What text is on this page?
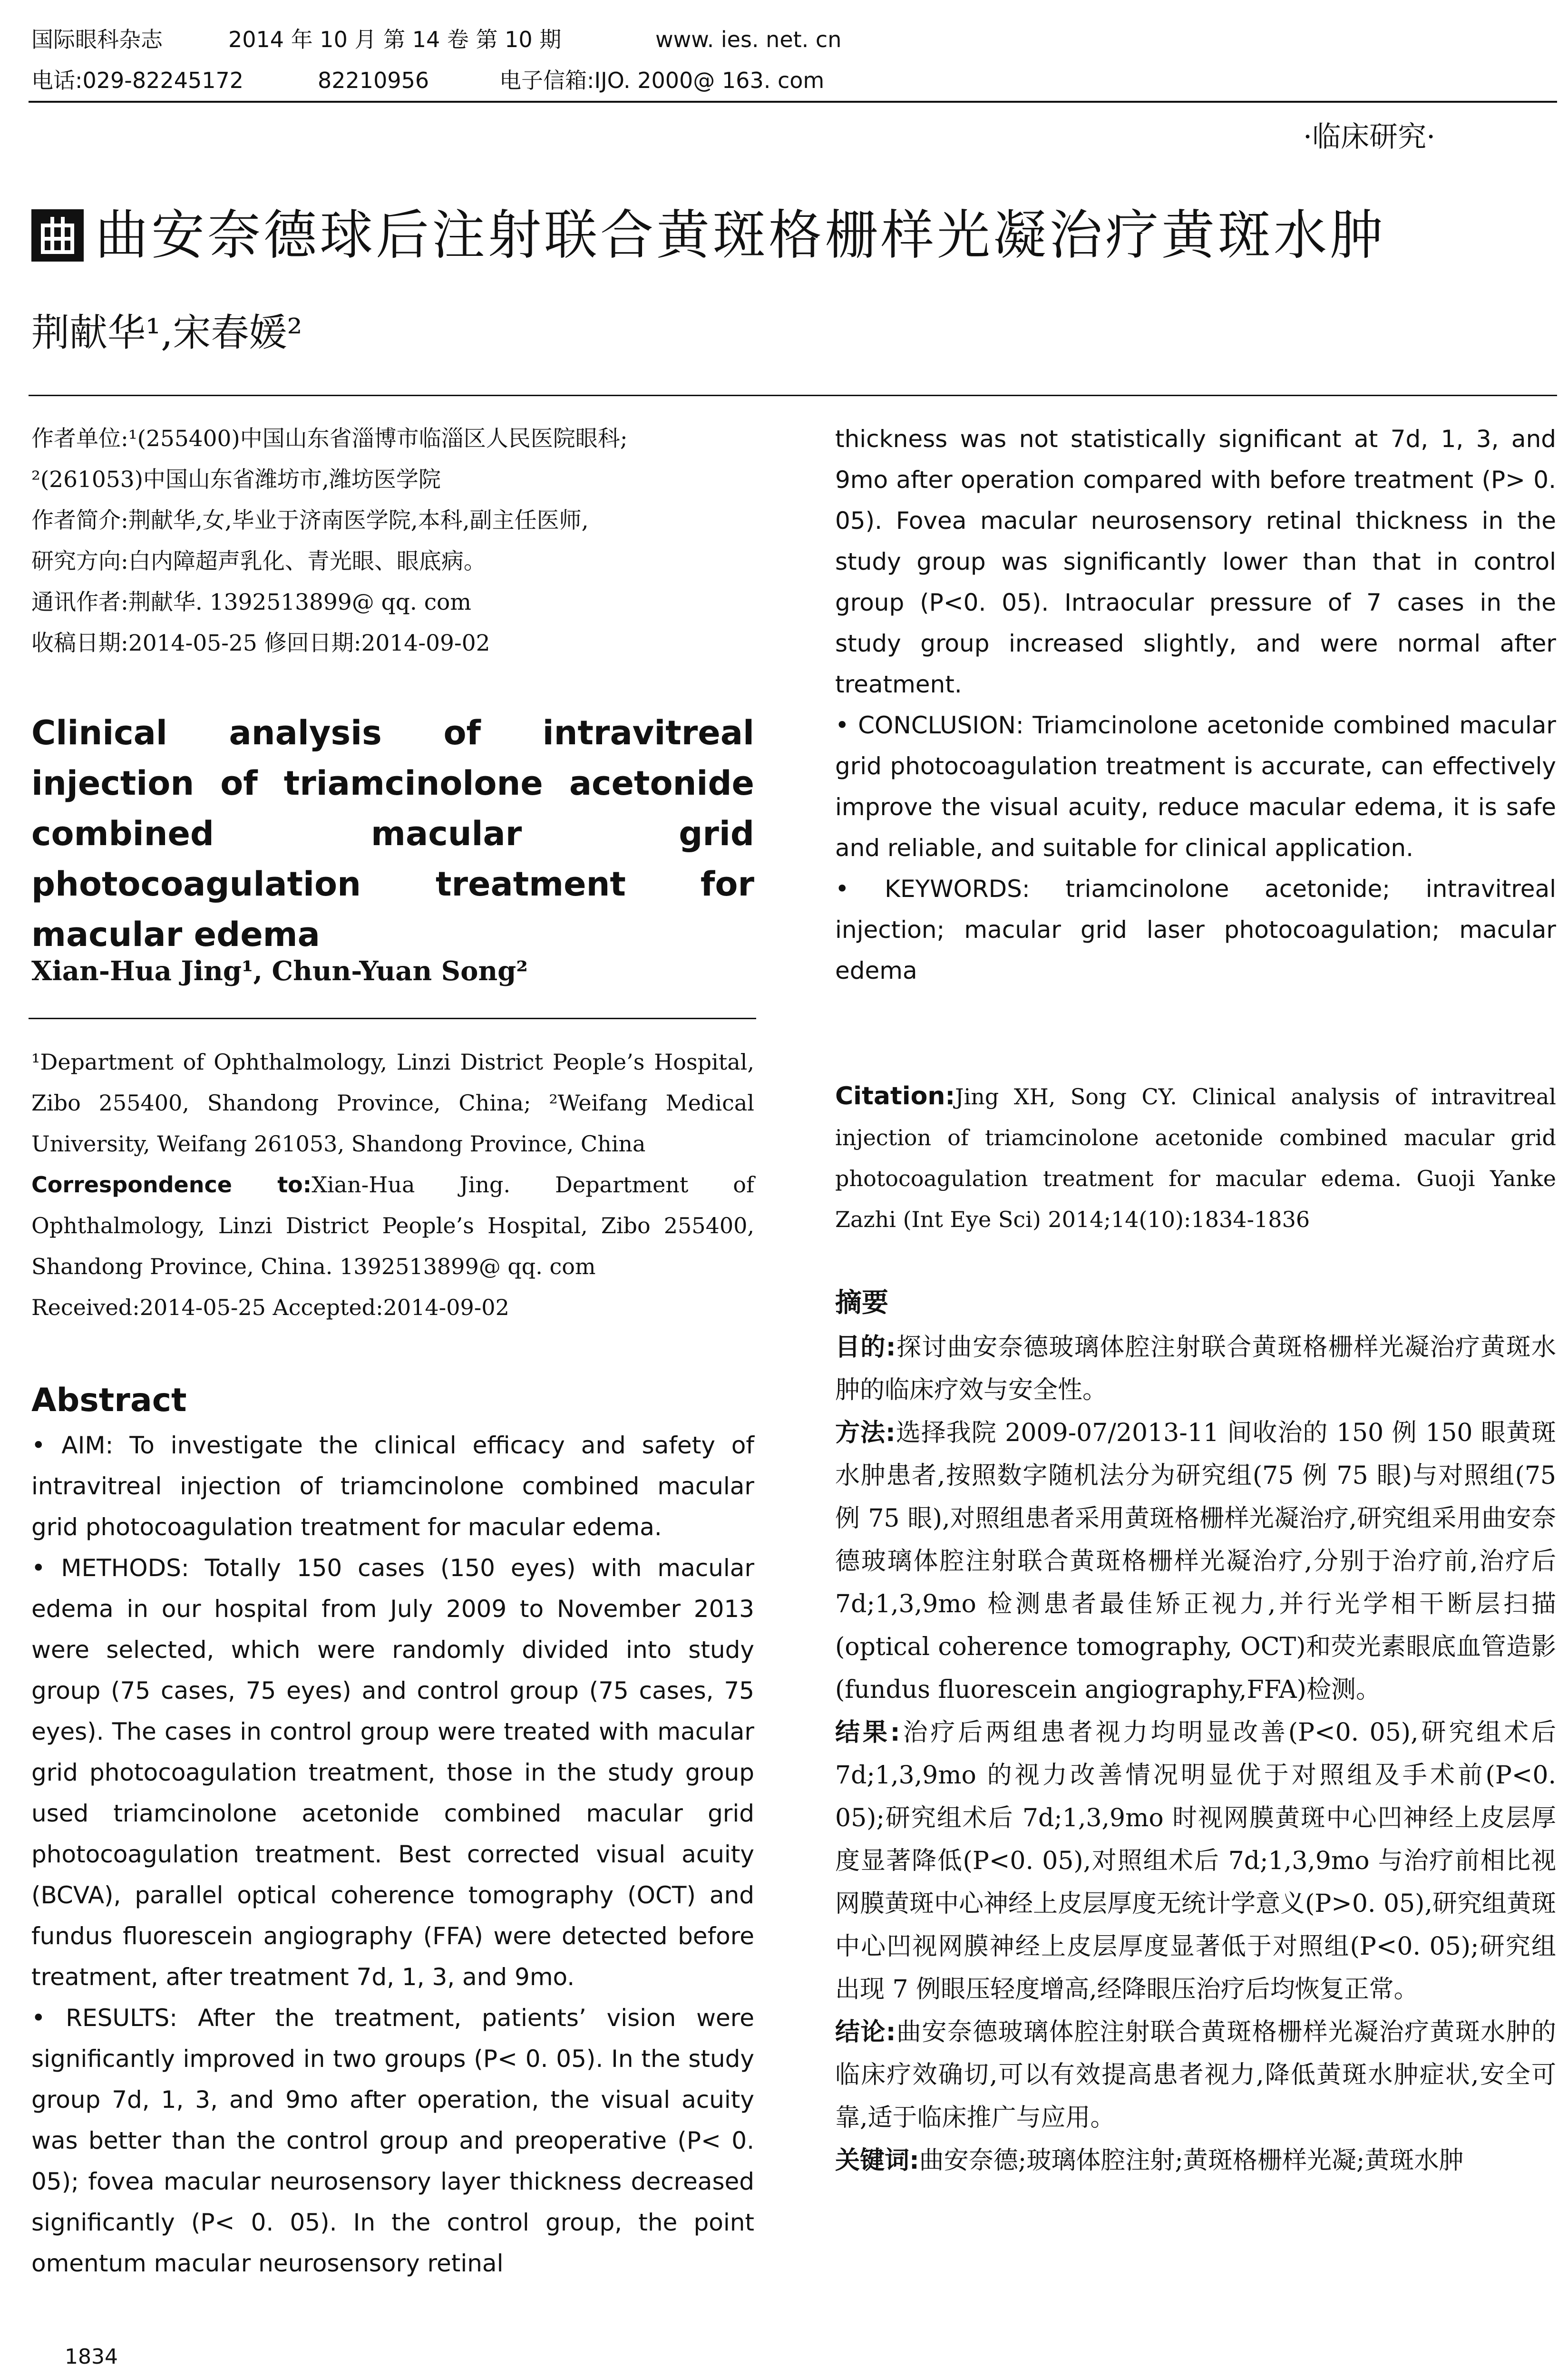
国际眼科杂志	2014 年 10 月 第 14 卷 第 10 期	www. ies. net. cn
电话:029-82245172	82210956	电子信箱:IJO. 2000@ 163. com
·临床研究·
曲安奈德球后注射联合黄斑格栅样光凝治疗黄斑水肿
荆献华¹,宋春媛²
作者单位:¹(255400)中国山东省淄博市临淄区人民医院眼科;
²(261053)中国山东省潍坊市,潍坊医学院
作者简介:荆献华,女,毕业于济南医学院,本科,副主任医师,
研究方向:白内障超声乳化、青光眼、眼底病。
通讯作者:荆献华. 1392513899@ qq. com
收稿日期:2014-05-25 修回日期:2014-09-02
Clinical analysis of intravitreal injection of triamcinolone acetonide combined macular grid photocoagulation treatment for macular edema
Xian-Hua Jing¹, Chun-Yuan Song²
¹Department of Ophthalmology, Linzi District People’s Hospital, Zibo 255400, Shandong Province, China; ²Weifang Medical University, Weifang 261053, Shandong Province, China
Correspondence to:Xian-Hua Jing. Department of Ophthalmology, Linzi District People’s Hospital, Zibo 255400, Shandong Province, China. 1392513899@ qq. com
Received:2014-05-25 Accepted:2014-09-02
Abstract

• AIM: To investigate the clinical efficacy and safety of intravitreal injection of triamcinolone combined macular grid photocoagulation treatment for macular edema.

• METHODS: Totally 150 cases (150 eyes) with macular edema in our hospital from July 2009 to November 2013 were selected, which were randomly divided into study group (75 cases, 75 eyes) and control group (75 cases, 75 eyes). The cases in control group were treated with macular grid photocoagulation treatment, those in the study group used triamcinolone acetonide combined macular grid photocoagulation treatment. Best corrected visual acuity (BCVA), parallel optical coherence tomography (OCT) and fundus fluorescein angiography (FFA) were detected before treatment, after treatment 7d, 1, 3, and 9mo.

• RESULTS: After the treatment, patients’ vision were significantly improved in two groups (P< 0. 05). In the study group 7d, 1, 3, and 9mo after operation, the visual acuity was better than the control group and preoperative (P< 0. 05); fovea macular neurosensory layer thickness decreased significantly (P< 0. 05). In the control group, the point omentum macular neurosensory retinal

1834

thickness was not statistically significant at 7d, 1, 3, and 9mo after operation compared with before treatment (P> 0. 05). Fovea macular neurosensory retinal thickness in the study group was significantly lower than that in control group (P<0. 05). Intraocular pressure of 7 cases in the study group increased slightly, and were normal after treatment.

• CONCLUSION: Triamcinolone acetonide combined macular grid photocoagulation treatment is accurate, can effectively improve the visual acuity, reduce macular edema, it is safe and reliable, and suitable for clinical application.

• KEYWORDS: triamcinolone acetonide; intravitreal injection; macular grid laser photocoagulation; macular edema

Citation:Jing XH, Song CY. Clinical analysis of intravitreal injection of triamcinolone acetonide combined macular grid photocoagulation treatment for macular edema. Guoji Yanke Zazhi (Int Eye Sci) 2014;14(10):1834-1836
摘要

目的:探讨曲安奈德玻璃体腔注射联合黄斑格栅样光凝治疗黄斑水肿的临床疗效与安全性。

方法:选择我院 2009-07/2013-11 间收治的 150 例 150 眼黄斑水肿患者,按照数字随机法分为研究组(75 例 75 眼)与对照组(75 例 75 眼),对照组患者采用黄斑格栅样光凝治疗,研究组采用曲安奈德玻璃体腔注射联合黄斑格栅样光凝治疗,分别于治疗前,治疗后 7d;1,3,9mo 检测患者最佳矫正视力,并行光学相干断层扫描(optical coherence tomography, OCT)和荧光素眼底血管造影(fundus fluorescein angiography,FFA)检测。

结果:治疗后两组患者视力均明显改善(P<0. 05),研究组术后 7d;1,3,9mo 的视力改善情况明显优于对照组及手术前(P<0. 05);研究组术后 7d;1,3,9mo 时视网膜黄斑中心凹神经上皮层厚度显著降低(P<0. 05),对照组术后 7d;1,3,9mo 与治疗前相比视网膜黄斑中心神经上皮层厚度无统计学意义(P>0. 05),研究组黄斑中心凹视网膜神经上皮层厚度显著低于对照组(P<0. 05);研究组出现 7 例眼压轻度增高,经降眼压治疗后均恢复正常。

结论:曲安奈德玻璃体腔注射联合黄斑格栅样光凝治疗黄斑水肿的临床疗效确切,可以有效提高患者视力,降低黄斑水肿症状,安全可靠,适于临床推广与应用。

关键词:曲安奈德;玻璃体腔注射;黄斑格栅样光凝;黄斑水肿
